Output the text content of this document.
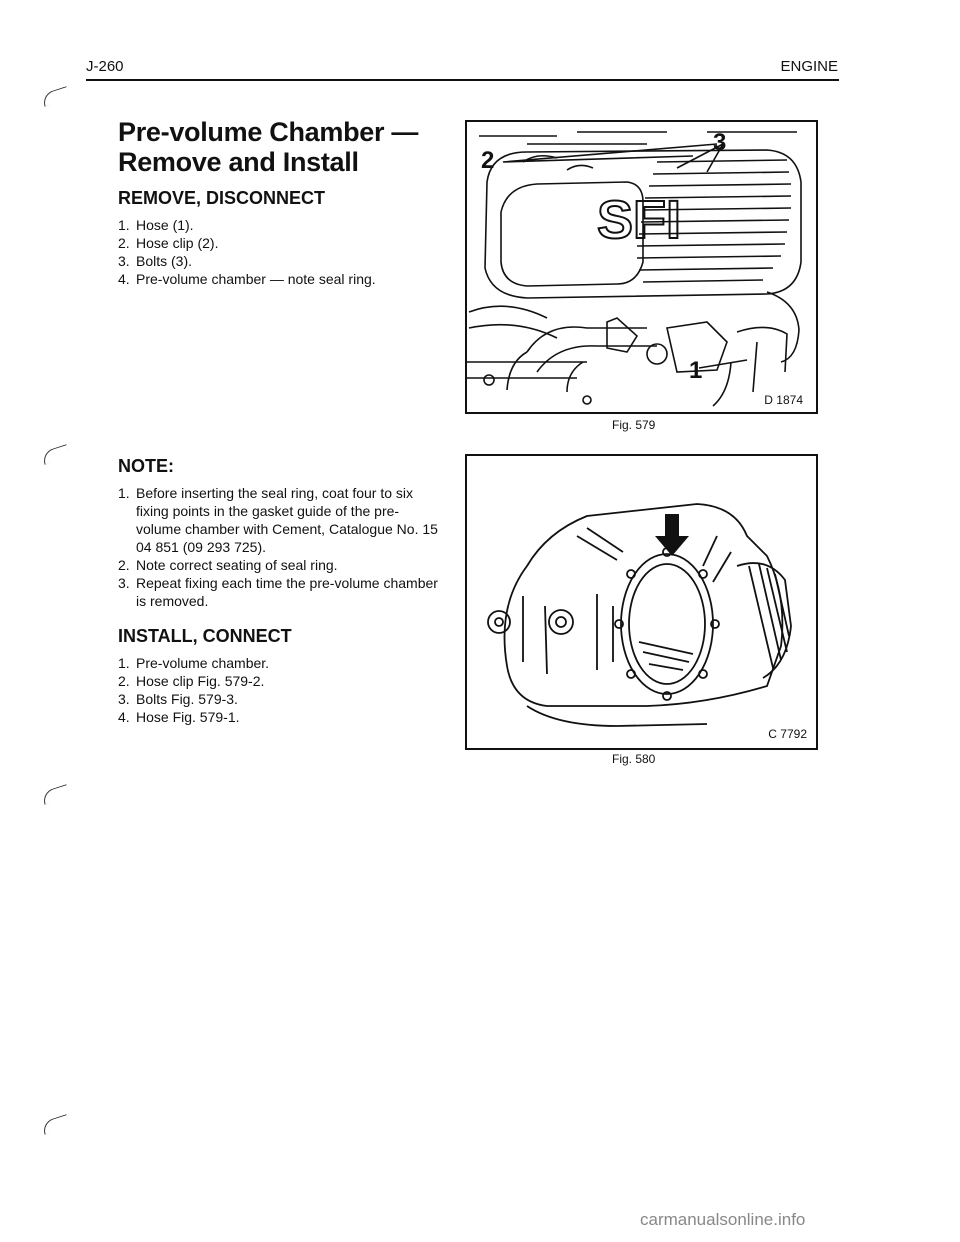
J-260	ENGINE
Pre-volume Chamber —
Remove and Install
REMOVE, DISCONNECT
1. Hose (1).
2. Hose clip (2).
3. Bolts (3).
4. Pre-volume chamber — note seal ring.
NOTE:
1. Before inserting the seal ring, coat four to six fixing points in the gasket guide of the pre-volume chamber with Cement, Catalogue No. 15 04 851 (09 293 725).
2. Note correct seating of seal ring.
3. Repeat fixing each time the pre-volume chamber is removed.
INSTALL, CONNECT
1. Pre-volume chamber.
2. Hose clip Fig. 579-2.
3. Bolts Fig. 579-3.
4. Hose Fig. 579-1.
SFI
2
3
1
D 1874
Fig. 579
C 7792
Fig. 580
carmanualsonline.info
